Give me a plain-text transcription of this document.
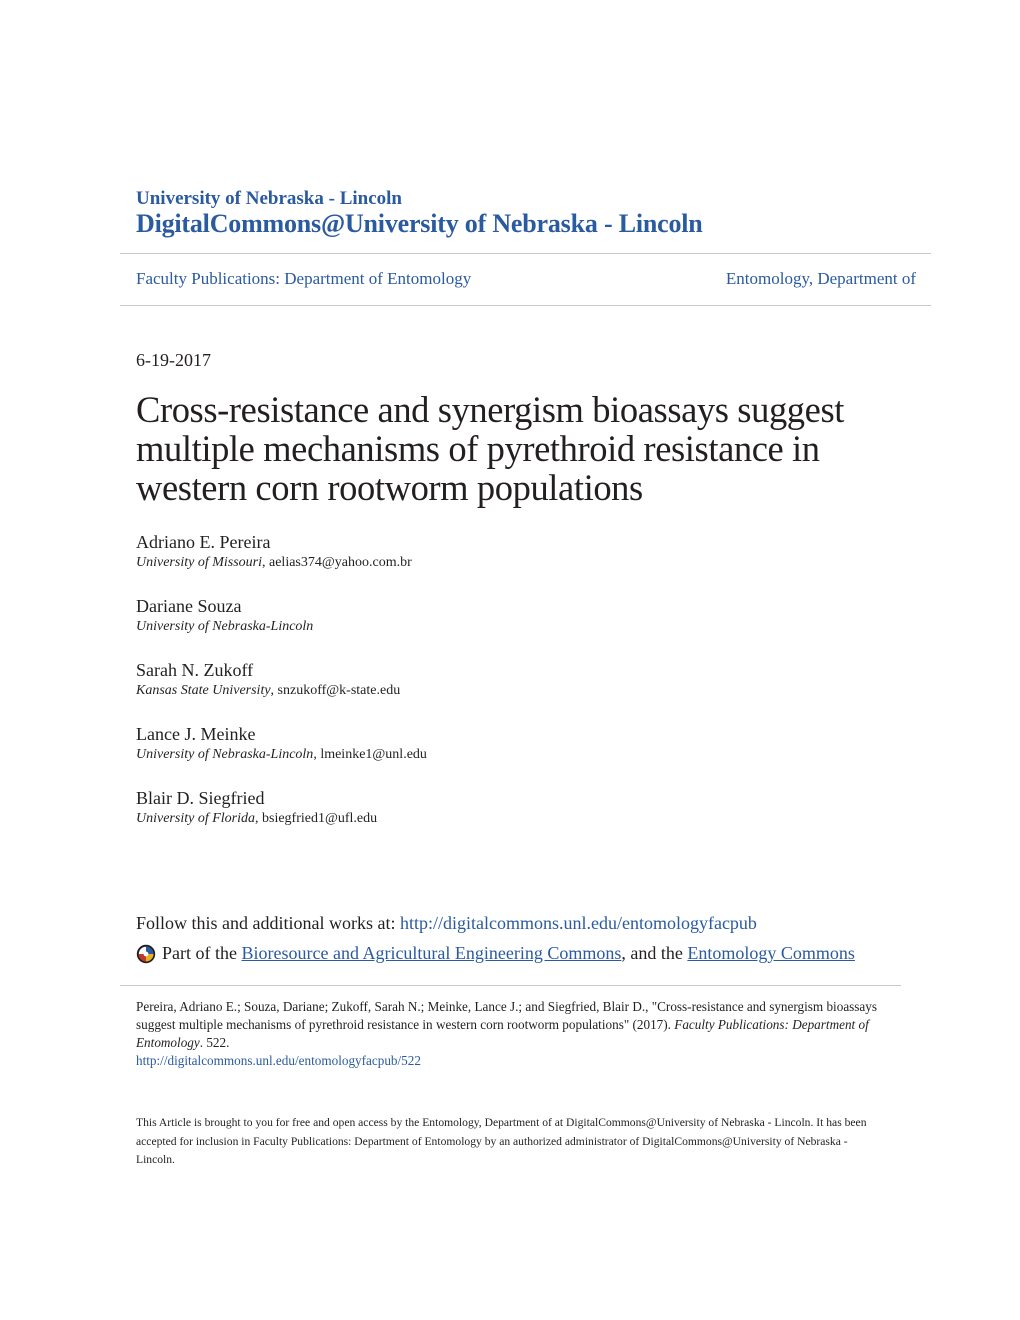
University of Nebraska - Lincoln
DigitalCommons@University of Nebraska - Lincoln
Faculty Publications: Department of Entomology	Entomology, Department of
6-19-2017
Cross-resistance and synergism bioassays suggest multiple mechanisms of pyrethroid resistance in western corn rootworm populations
Adriano E. Pereira
University of Missouri, aelias374@yahoo.com.br
Dariane Souza
University of Nebraska-Lincoln
Sarah N. Zukoff
Kansas State University, snzukoff@k-state.edu
Lance J. Meinke
University of Nebraska-Lincoln, lmeinke1@unl.edu
Blair D. Siegfried
University of Florida, bsiegfried1@ufl.edu
Follow this and additional works at: http://digitalcommons.unl.edu/entomologyfacpub
Part of the Bioresource and Agricultural Engineering Commons , and the Entomology Commons
Pereira, Adriano E.; Souza, Dariane; Zukoff, Sarah N.; Meinke, Lance J.; and Siegfried, Blair D., "Cross-resistance and synergism bioassays suggest multiple mechanisms of pyrethroid resistance in western corn rootworm populations" (2017). Faculty Publications: Department of Entomology. 522.
http://digitalcommons.unl.edu/entomologyfacpub/522
This Article is brought to you for free and open access by the Entomology, Department of at DigitalCommons@University of Nebraska - Lincoln. It has been accepted for inclusion in Faculty Publications: Department of Entomology by an authorized administrator of DigitalCommons@University of Nebraska - Lincoln.
